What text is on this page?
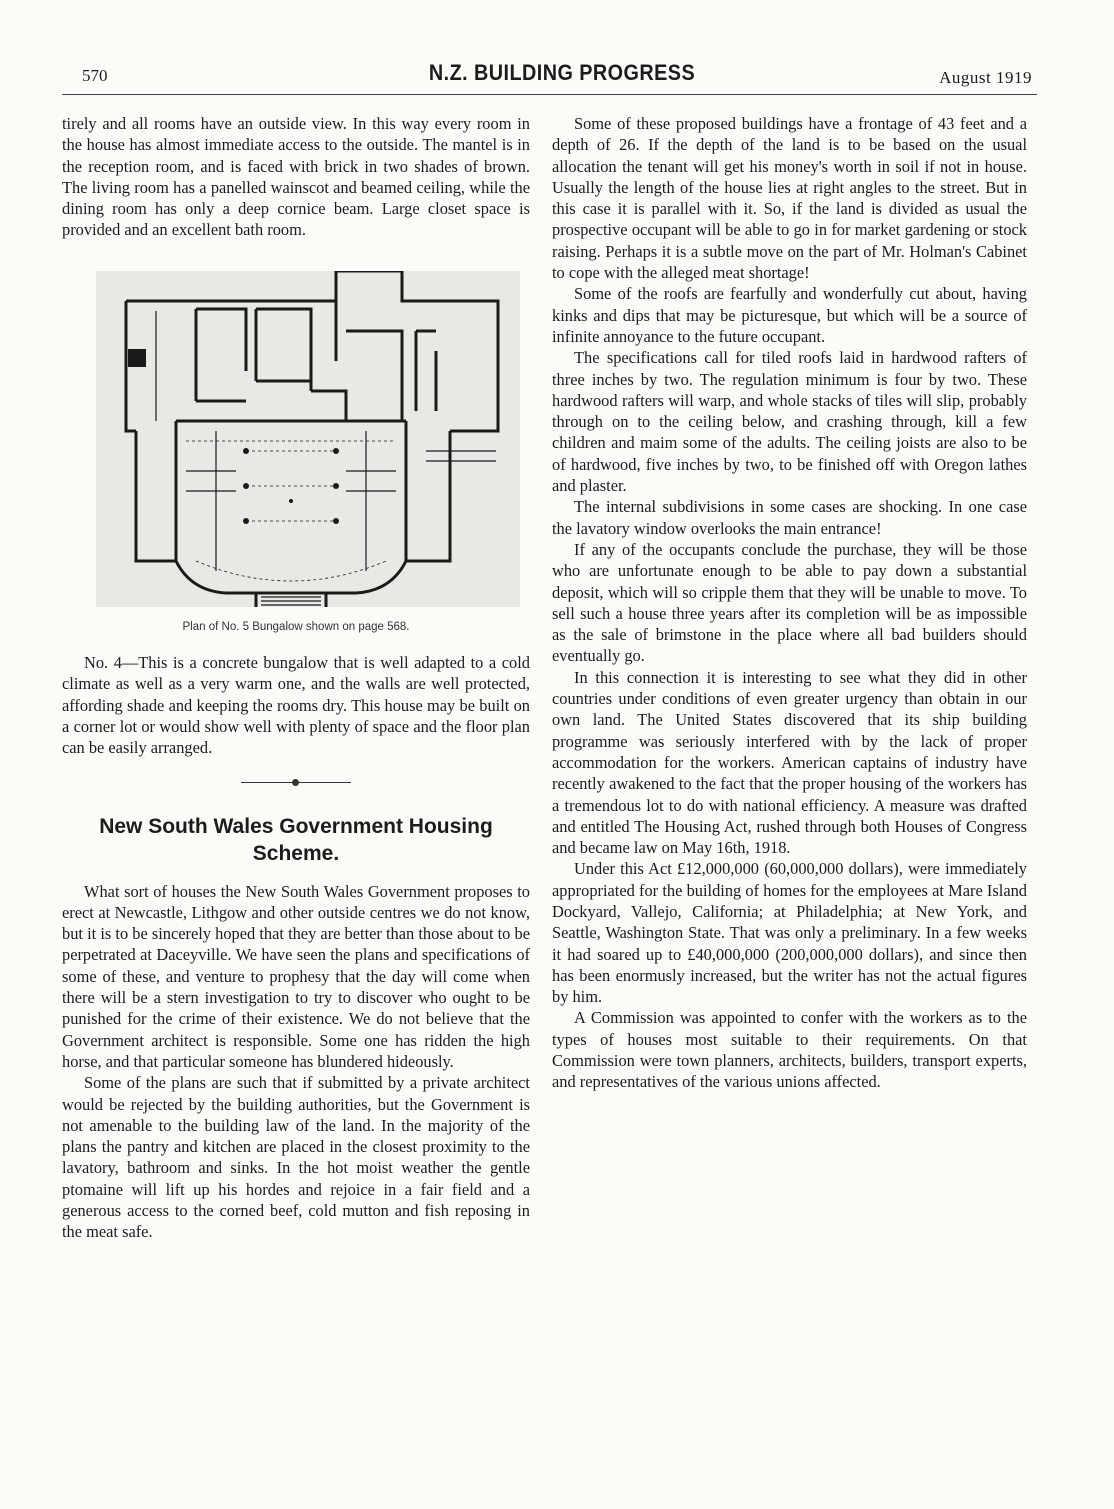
570	N.Z. BUILDING PROGRESS	August 1919

tirely and all rooms have an outside view. In this way every room in the house has almost immediate access to the outside. The mantel is in the reception room, and is faced with brick in two shades of brown. The living room has a panelled wainscot and beamed ceiling, while the dining room has only a deep cornice beam. Large closet space is provided and an excellent bath room.

Plan of No. 5 Bungalow shown on page 568.

No. 4—This is a concrete bungalow that is well adapted to a cold climate as well as a very warm one, and the walls are well protected, affording shade and keeping the rooms dry. This house may be built on a corner lot or would show well with plenty of space and the floor plan can be easily arranged.

New South Wales Government Housing Scheme.

What sort of houses the New South Wales Government proposes to erect at Newcastle, Lithgow and other outside centres we do not know, but it is to be sincerely hoped that they are better than those about to be perpetrated at Daceyville. We have seen the plans and specifications of some of these, and venture to prophesy that the day will come when there will be a stern investigation to try to discover who ought to be punished for the crime of their existence. We do not believe that the Government architect is responsible. Some one has ridden the high horse, and that particular someone has blundered hideously.

Some of the plans are such that if submitted by a private architect would be rejected by the building authorities, but the Government is not amenable to the building law of the land. In the majority of the plans the pantry and kitchen are placed in the closest proximity to the lavatory, bathroom and sinks. In the hot moist weather the gentle ptomaine will lift up his hordes and rejoice in a fair field and a generous access to the corned beef, cold mutton and fish reposing in the meat safe.

Some of these proposed buildings have a frontage of 43 feet and a depth of 26. If the depth of the land is to be based on the usual allocation the tenant will get his money's worth in soil if not in house. Usually the length of the house lies at right angles to the street. But in this case it is parallel with it. So, if the land is divided as usual the prospective occupant will be able to go in for market gardening or stock raising. Perhaps it is a subtle move on the part of Mr. Holman's Cabinet to cope with the alleged meat shortage!

Some of the roofs are fearfully and wonderfully cut about, having kinks and dips that may be picturesque, but which will be a source of infinite annoyance to the future occupant.

The specifications call for tiled roofs laid in hardwood rafters of three inches by two. The regulation minimum is four by two. These hardwood rafters will warp, and whole stacks of tiles will slip, probably through on to the ceiling below, and crashing through, kill a few children and maim some of the adults. The ceiling joists are also to be of hardwood, five inches by two, to be finished off with Oregon lathes and plaster.

The internal subdivisions in some cases are shocking. In one case the lavatory window overlooks the main entrance!

If any of the occupants conclude the purchase, they will be those who are unfortunate enough to be able to pay down a substantial deposit, which will so cripple them that they will be unable to move. To sell such a house three years after its completion will be as impossible as the sale of brimstone in the place where all bad builders should eventually go.

In this connection it is interesting to see what they did in other countries under conditions of even greater urgency than obtain in our own land. The United States discovered that its ship building programme was seriously interfered with by the lack of proper accommodation for the workers. American captains of industry have recently awakened to the fact that the proper housing of the workers has a tremendous lot to do with national efficiency. A measure was drafted and entitled The Housing Act, rushed through both Houses of Congress and became law on May 16th, 1918.

Under this Act £12,000,000 (60,000,000 dollars), were immediately appropriated for the building of homes for the employees at Mare Island Dockyard, Vallejo, California; at Philadelphia; at New York, and Seattle, Washington State. That was only a preliminary. In a few weeks it had soared up to £40,000,000 (200,000,000 dollars), and since then has been enormusly increased, but the writer has not the actual figures by him.

A Commission was appointed to confer with the workers as to the types of houses most suitable to their requirements. On that Commission were town planners, architects, builders, transport experts, and representatives of the various unions affected.
